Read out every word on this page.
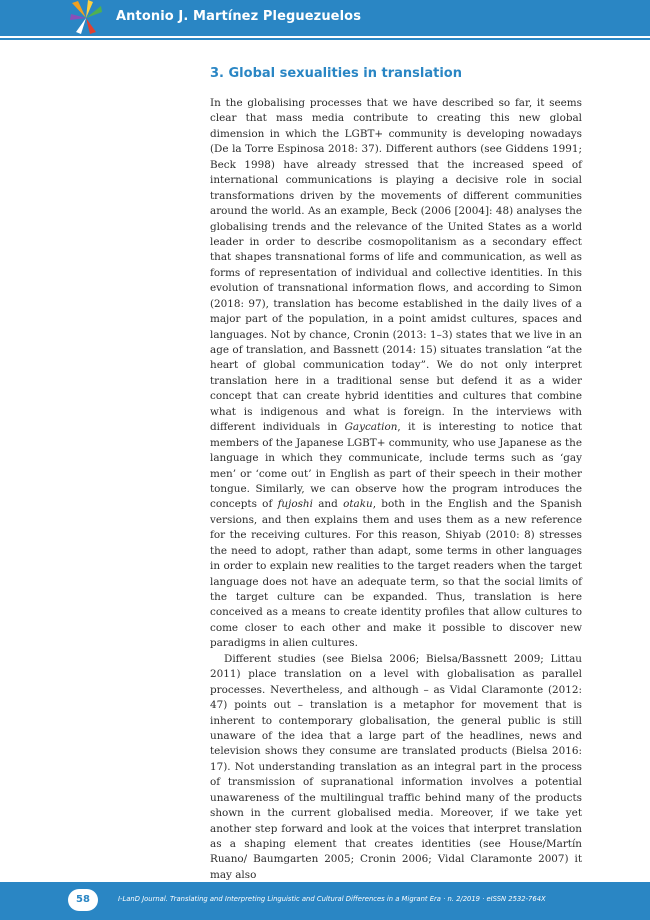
Antonio J. Martínez Pleguezuelos
3. Global sexualities in translation

In the globalising processes that we have described so far, it seems clear that mass media contribute to creating this new global dimension in which the LGBT+ community is developing nowadays (De la Torre Espinosa 2018: 37). Different authors (see Giddens 1991; Beck 1998) have already stressed that the increased speed of international communications is playing a decisive role in social transformations driven by the movements of different communities around the world. As an example, Beck (2006 [2004]: 48) analyses the globalising trends and the relevance of the United States as a world leader in order to describe cosmopolitanism as a secondary effect that shapes transnational forms of life and communication, as well as forms of representation of individual and collective identities. In this evolution of transnational information flows, and according to Simon (2018: 97), translation has become established in the daily lives of a major part of the population, in a point amidst cultures, spaces and languages. Not by chance, Cronin (2013: 1–3) states that we live in an age of translation, and Bassnett (2014: 15) situates translation “at the heart of global communication today”. We do not only interpret translation here in a traditional sense but defend it as a wider concept that can create hybrid identities and cultures that combine what is indigenous and what is foreign. In the interviews with different individuals in Gaycation, it is interesting to notice that members of the Japanese LGBT+ community, who use Japanese as the language in which they communicate, include terms such as ‘gay men’ or ‘come out’ in English as part of their speech in their mother tongue. Similarly, we can observe how the program introduces the concepts of fujoshi and otaku, both in the English and the Spanish versions, and then explains them and uses them as a new reference for the receiving cultures. For this reason, Shiyab (2010: 8) stresses the need to adopt, rather than adapt, some terms in other languages in order to explain new realities to the target readers when the target language does not have an adequate term, so that the social limits of the target culture can be expanded. Thus, translation is here conceived as a means to create identity profiles that allow cultures to come closer to each other and make it possible to discover new paradigms in alien cultures.

Different studies (see Bielsa 2006; Bielsa/Bassnett 2009; Littau 2011) place translation on a level with globalisation as parallel processes. Nevertheless, and although – as Vidal Claramonte (2012: 47) points out – translation is a metaphor for movement that is inherent to contemporary globalisation, the general public is still unaware of the idea that a large part of the headlines, news and television shows they consume are translated products (Bielsa 2016: 17). Not understanding translation as an integral part in the process of transmission of supranational information involves a potential unawareness of the multilingual traffic behind many of the products shown in the current globalised media. Moreover, if we take yet another step forward and look at the voices that interpret translation as a shaping element that creates identities (see House/Martín Ruano/ Baumgarten 2005; Cronin 2006; Vidal Claramonte 2007) it may also

58	I-LanD Journal. Translating and Interpreting Linguistic and Cultural Differences in a Migrant Era · n. 2/2019 · eISSN 2532-764X
